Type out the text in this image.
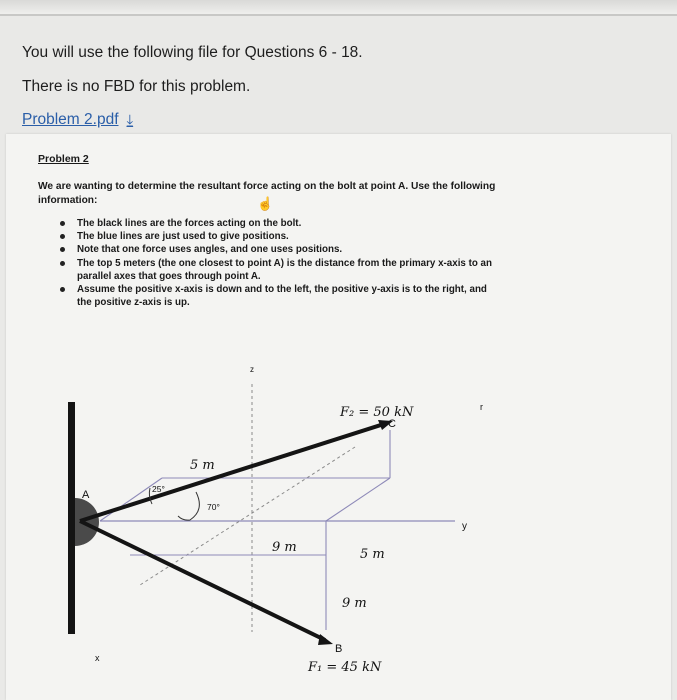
You will use the following file for Questions 6 - 18.
There is no FBD for this problem.
Problem 2.pdf ⤓
Problem 2
We are wanting to determine the resultant force acting on the bolt at point A. Use the following information:	☝
The black lines are the forces acting on the bolt.
The blue lines are just used to give positions.
Note that one force uses angles, and one uses positions.
The top 5 meters (the one closest to point A) is the distance from the primary x-axis to an parallel axes that goes through point A.
Assume the positive x-axis is down and to the left, the positive y-axis is to the right, and the positive z-axis is up.
z
y
x
A
B
C
F₂ = 50 kN
F₁ = 45 kN
5 m
9 m	5 m
9 m
25°
70°
r
